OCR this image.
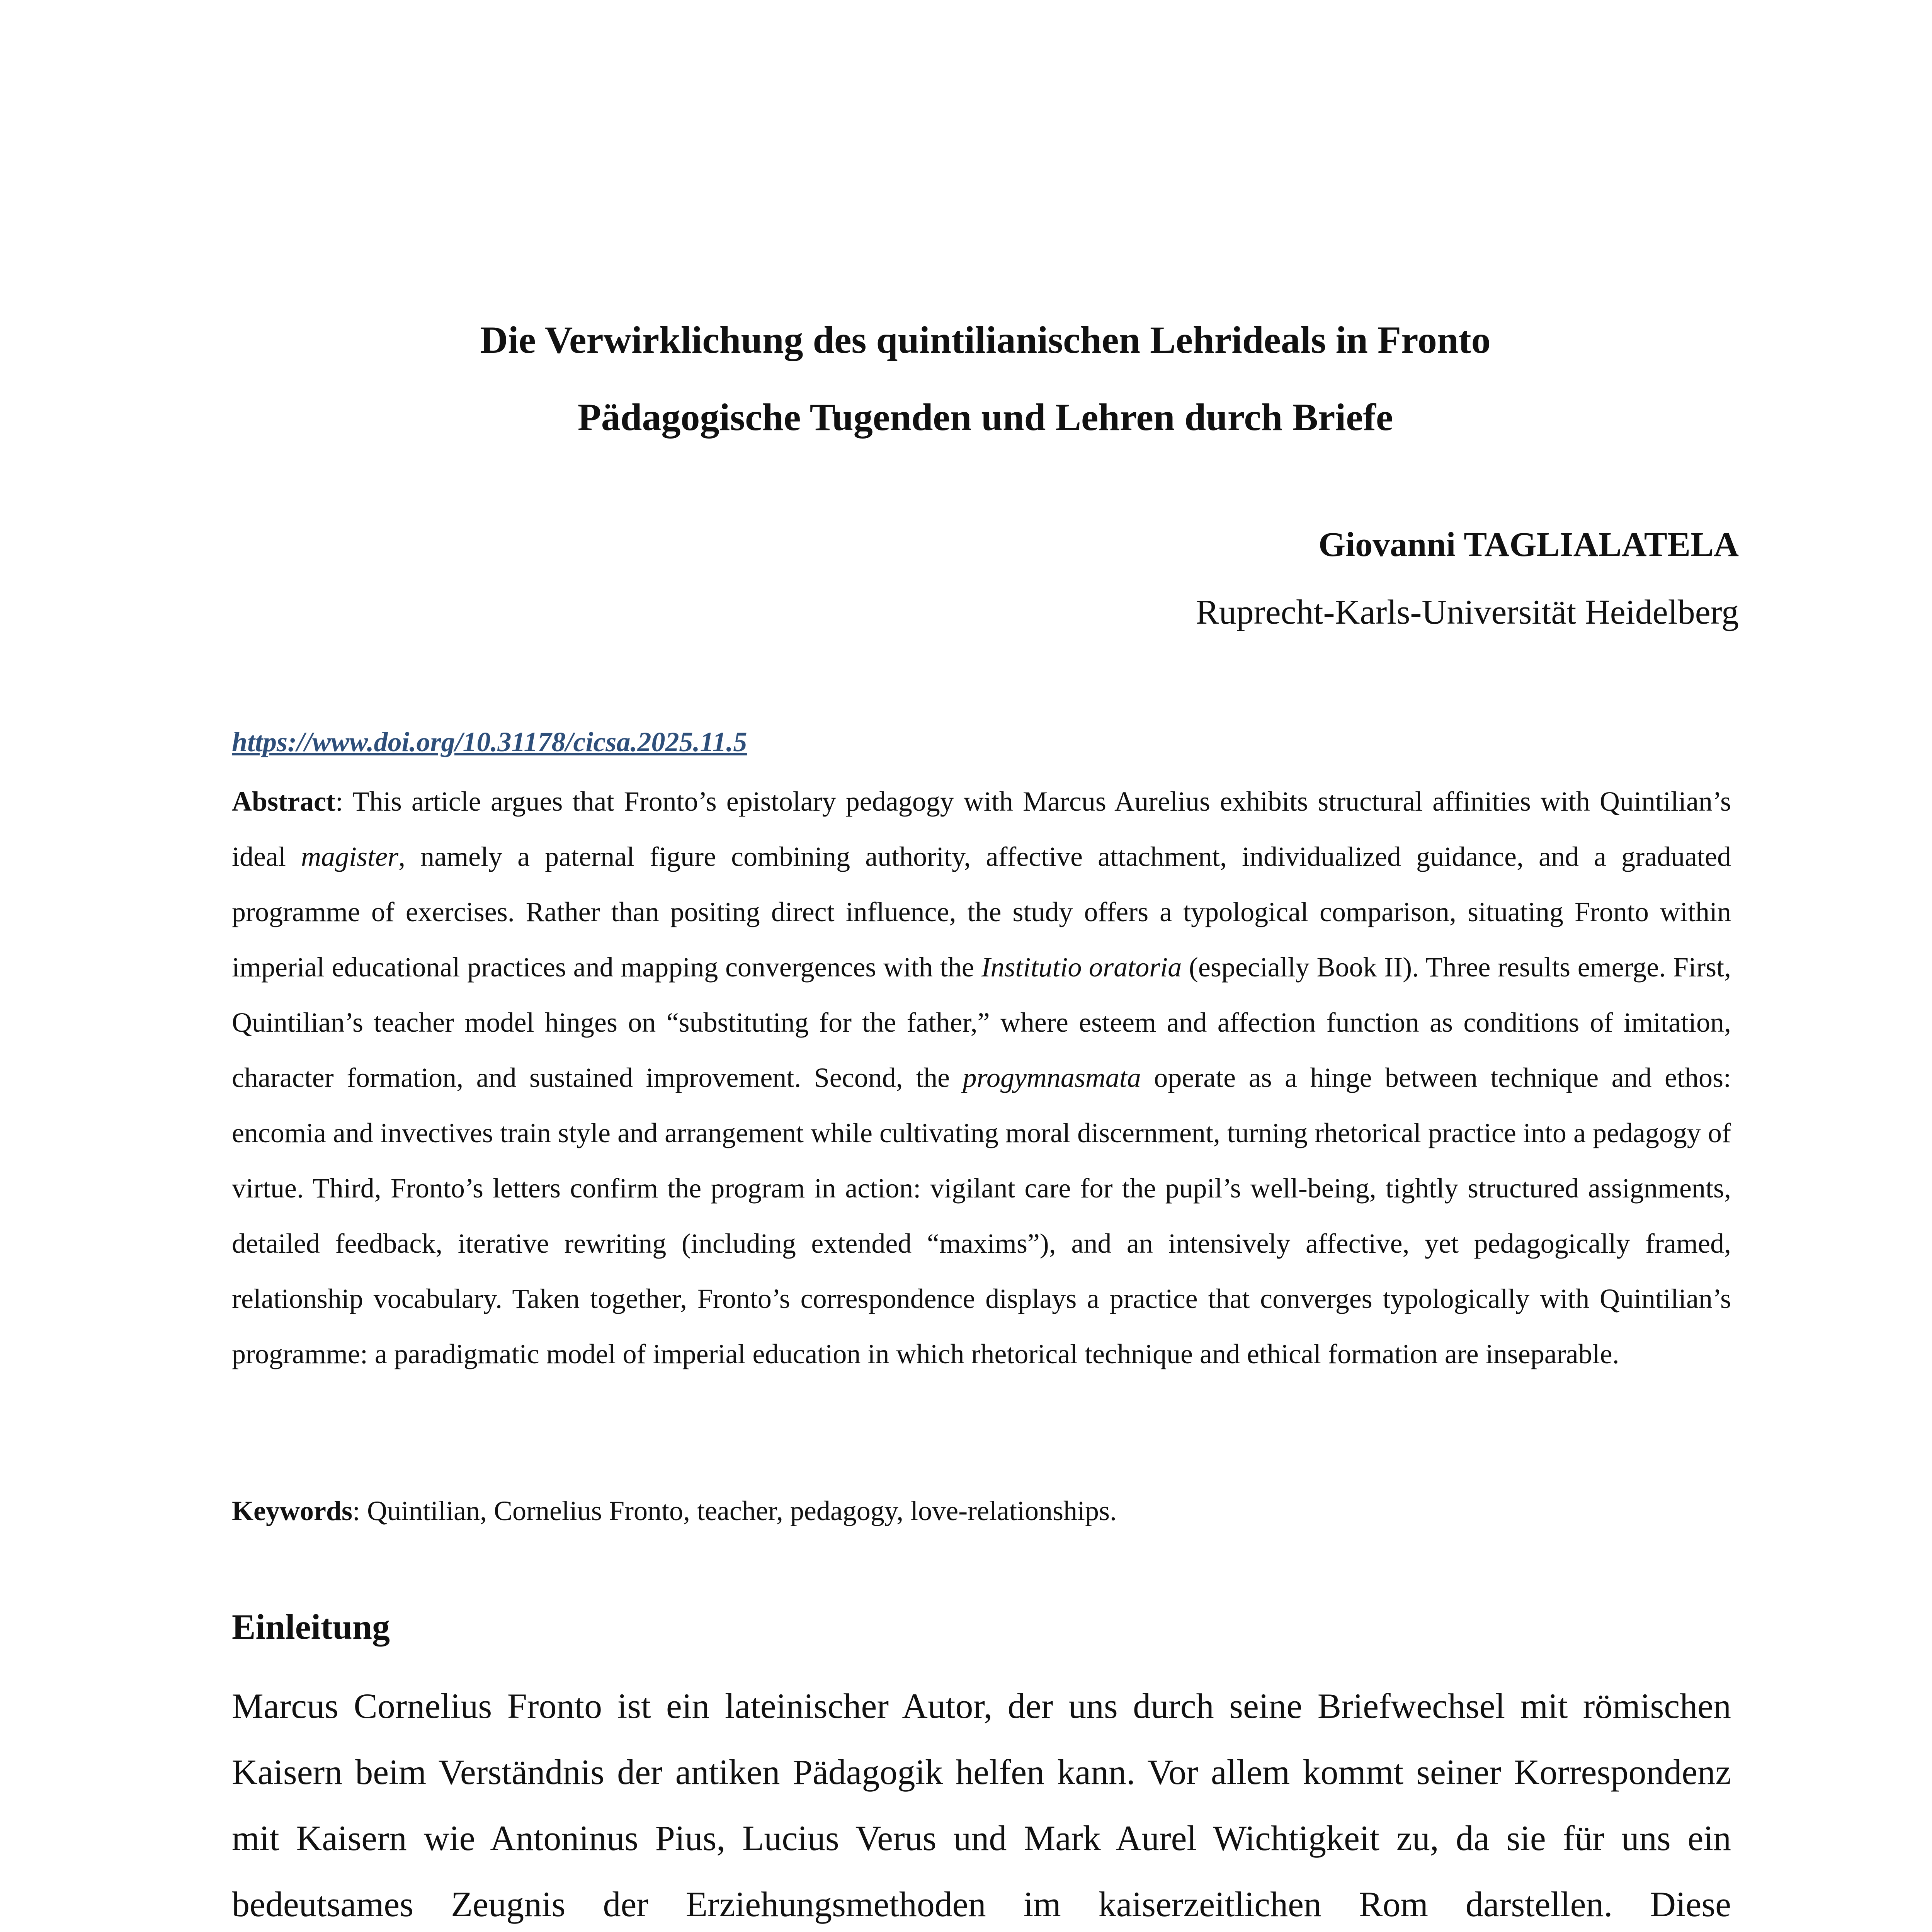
Die Verwirklichung des quintilianischen Lehrideals in Fronto
Pädagogische Tugenden und Lehren durch Briefe

Giovanni TAGLIALATELA

Ruprecht-Karls-Universität Heidelberg

https://www.doi.org/10.31178/cicsa.2025.11.5

Abstract: This article argues that Fronto’s epistolary pedagogy with Marcus Aurelius exhibits structural affinities with Quintilian’s ideal magister, namely a paternal figure combining authority, affective attachment, individualized guidance, and a graduated programme of exercises. Rather than positing direct influence, the study offers a typological comparison, situating Fronto within imperial educational practices and mapping convergences with the Institutio oratoria (especially Book II). Three results emerge. First, Quintilian’s teacher model hinges on “substituting for the father,” where esteem and affection function as conditions of imitation, character formation, and sustained improvement. Second, the progymnasmata operate as a hinge between technique and ethos: encomia and invectives train style and arrangement while cultivating moral discernment, turning rhetorical practice into a pedagogy of virtue. Third, Fronto’s letters confirm the program in action: vigilant care for the pupil’s well-being, tightly structured assignments, detailed feedback, iterative rewriting (including extended “maxims”), and an intensively affective, yet pedagogically framed, relationship vocabulary. Taken together, Fronto’s correspondence displays a practice that converges typologically with Quintilian’s programme: a paradigmatic model of imperial education in which rhetorical technique and ethical formation are inseparable.

Keywords: Quintilian, Cornelius Fronto, teacher, pedagogy, love-relationships.

Einleitung

Marcus Cornelius Fronto ist ein lateinischer Autor, der uns durch seine Briefwechsel mit römischen Kaisern beim Verständnis der antiken Pädagogik helfen kann. Vor allem kommt seiner Korrespondenz mit Kaisern wie Antoninus Pius, Lucius Verus und Mark Aurel Wichtigkeit zu, da sie für uns ein bedeutsames Zeugnis der Erziehungsmethoden im kaiserzeitlichen Rom darstellen. Diese
